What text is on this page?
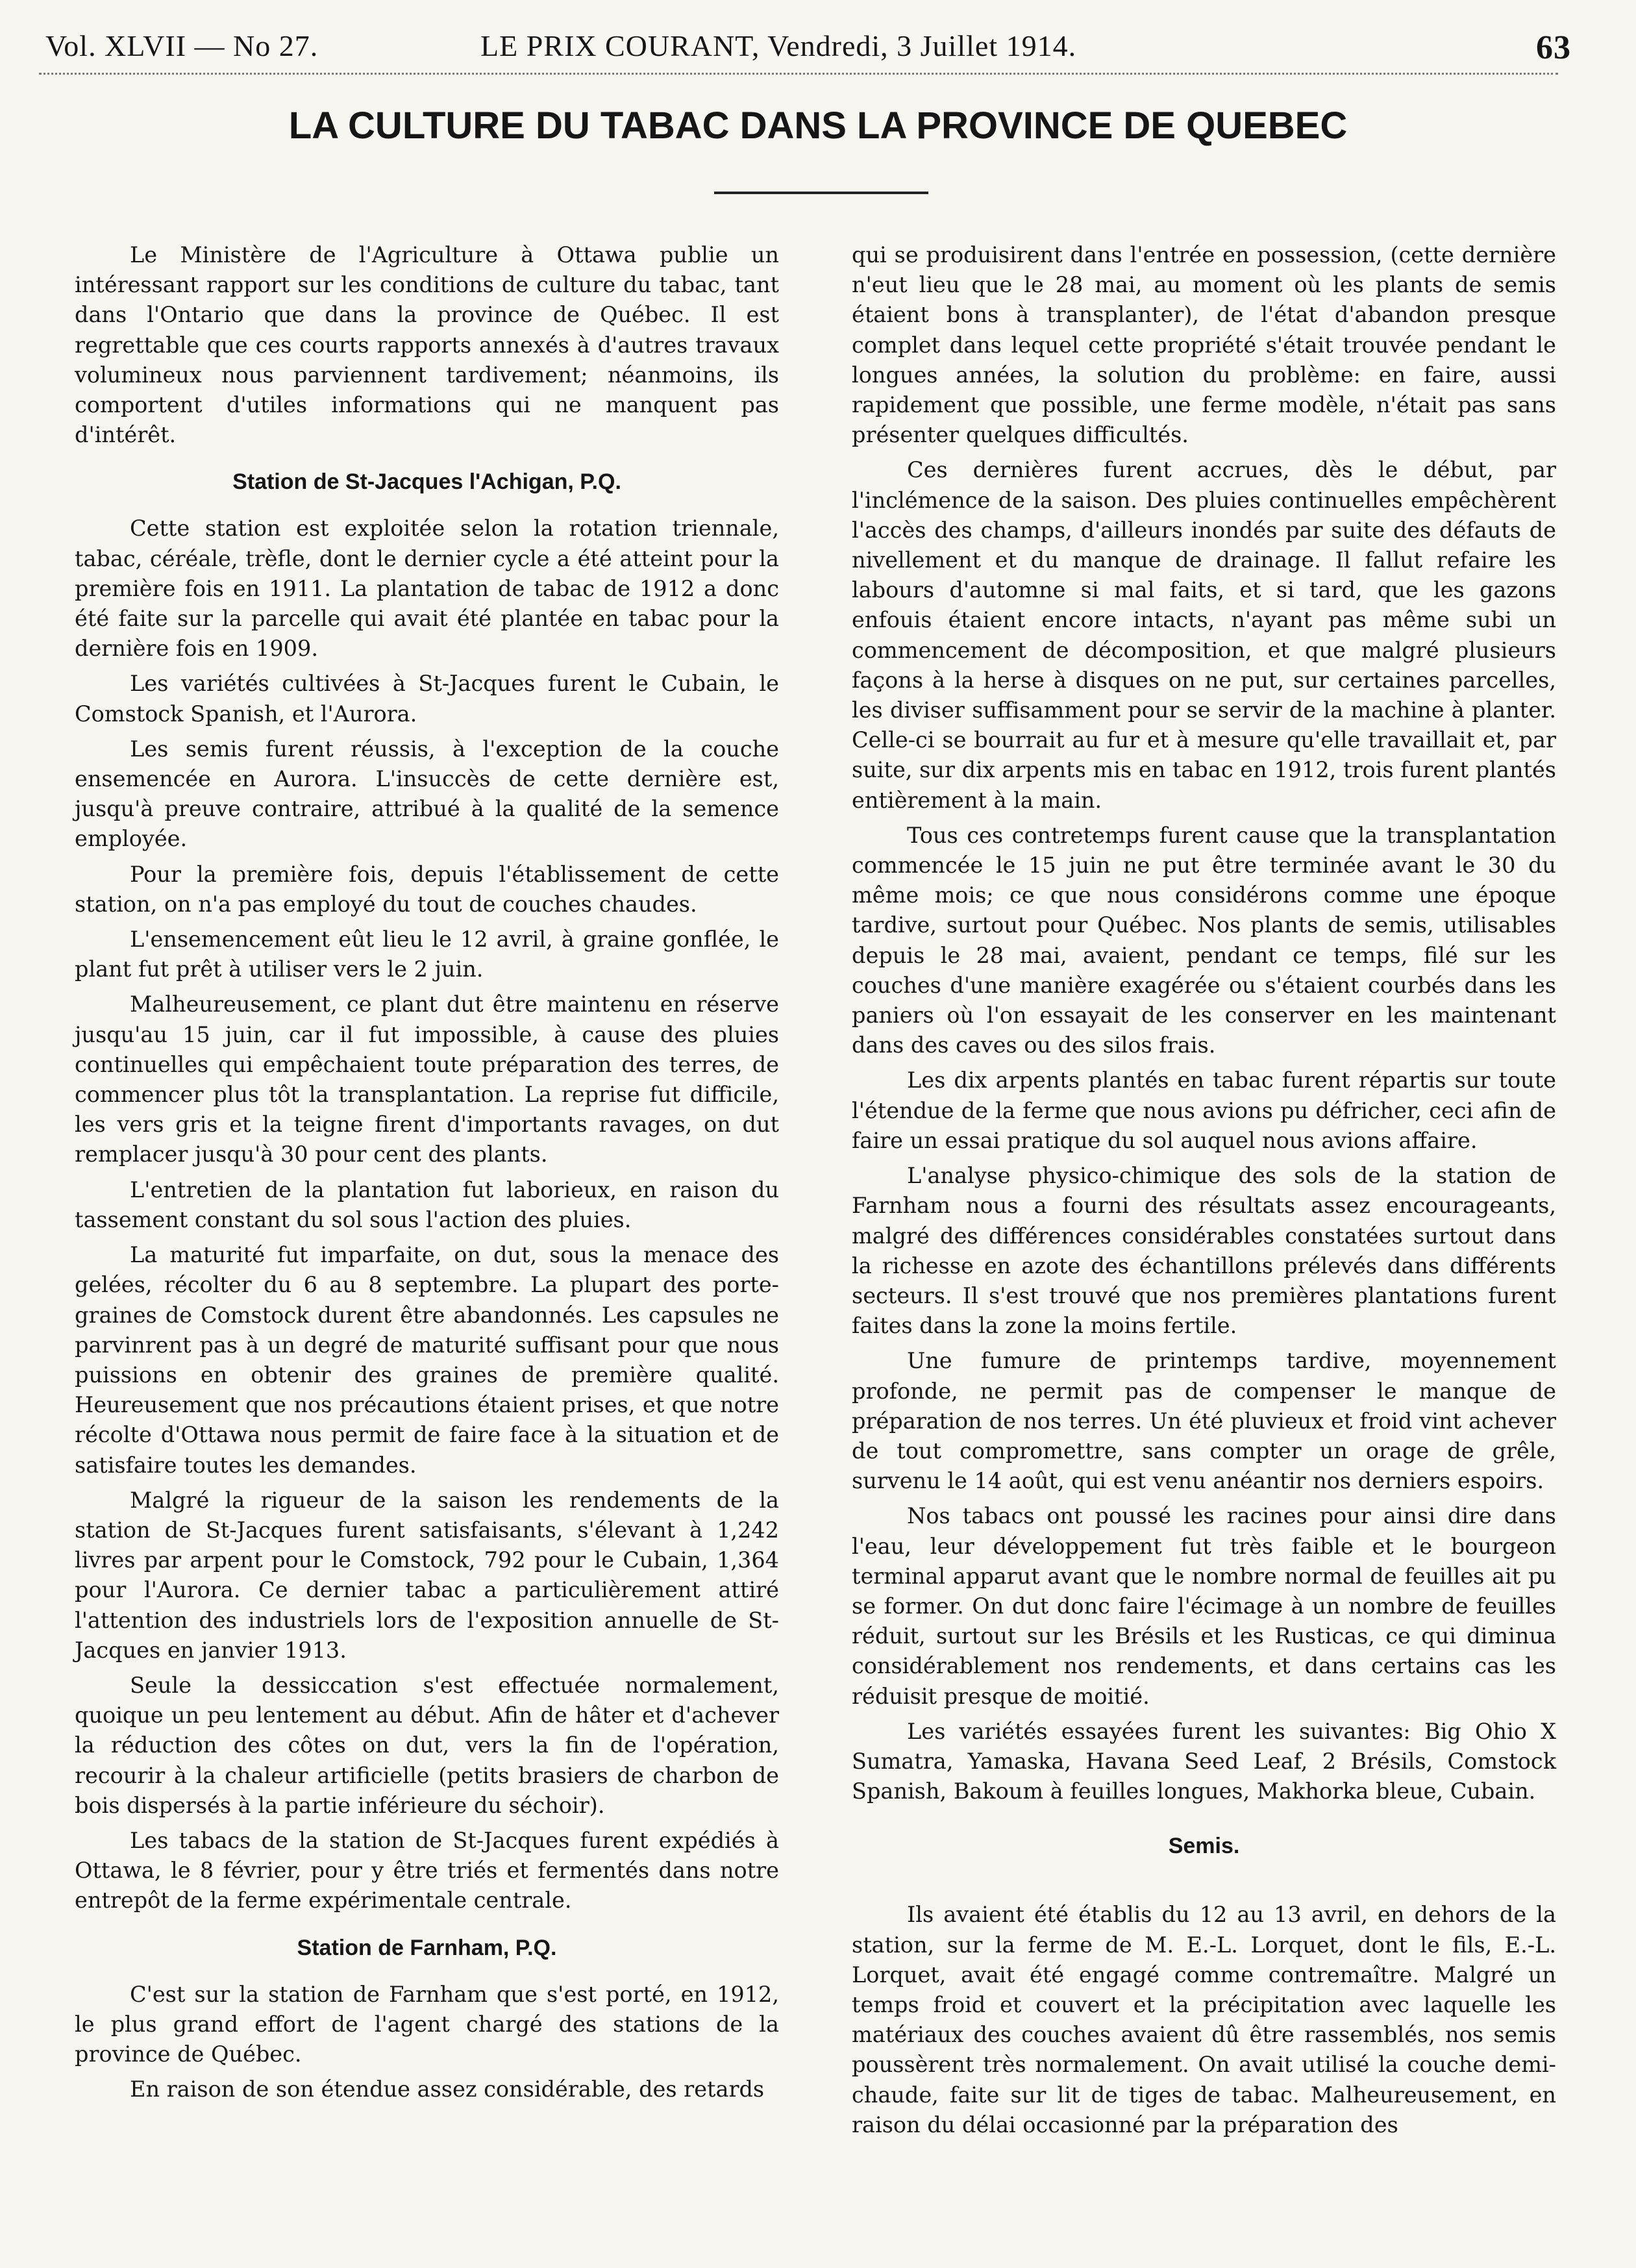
Vol. XLVII — No 27.	LE PRIX COURANT, Vendredi, 3 Juillet 1914.	63
LA CULTURE DU TABAC DANS LA PROVINCE DE QUEBEC

Le Ministère de l'Agriculture à Ottawa publie un intéressant rapport sur les conditions de culture du tabac, tant dans l'Ontario que dans la province de Québec. Il est regrettable que ces courts rapports annexés à d'autres travaux volumineux nous parviennent tardivement; néanmoins, ils comportent d'utiles informations qui ne manquent pas d'intérêt.

Station de St-Jacques l'Achigan, P.Q.

Cette station est exploitée selon la rotation triennale, tabac, céréale, trèfle, dont le dernier cycle a été atteint pour la première fois en 1911. La plantation de tabac de 1912 a donc été faite sur la parcelle qui avait été plantée en tabac pour la dernière fois en 1909.

Les variétés cultivées à St-Jacques furent le Cubain, le Comstock Spanish, et l'Aurora.

Les semis furent réussis, à l'exception de la couche ensemencée en Aurora. L'insuccès de cette dernière est, jusqu'à preuve contraire, attribué à la qualité de la semence employée.

Pour la première fois, depuis l'établissement de cette station, on n'a pas employé du tout de couches chaudes.

L'ensemencement eût lieu le 12 avril, à graine gonflée, le plant fut prêt à utiliser vers le 2 juin.

Malheureusement, ce plant dut être maintenu en réserve jusqu'au 15 juin, car il fut impossible, à cause des pluies continuelles qui empêchaient toute préparation des terres, de commencer plus tôt la transplantation. La reprise fut difficile, les vers gris et la teigne firent d'importants ravages, on dut remplacer jusqu'à 30 pour cent des plants.

L'entretien de la plantation fut laborieux, en raison du tassement constant du sol sous l'action des pluies.

La maturité fut imparfaite, on dut, sous la menace des gelées, récolter du 6 au 8 septembre. La plupart des porte-graines de Comstock durent être abandonnés. Les capsules ne parvinrent pas à un degré de maturité suffisant pour que nous puissions en obtenir des graines de première qualité. Heureusement que nos précautions étaient prises, et que notre récolte d'Ottawa nous permit de faire face à la situation et de satisfaire toutes les demandes.

Malgré la rigueur de la saison les rendements de la station de St-Jacques furent satisfaisants, s'élevant à 1,242 livres par arpent pour le Comstock, 792 pour le Cubain, 1,364 pour l'Aurora. Ce dernier tabac a particulièrement attiré l'attention des industriels lors de l'exposition annuelle de St-Jacques en janvier 1913.

Seule la dessiccation s'est effectuée normalement, quoique un peu lentement au début. Afin de hâter et d'achever la réduction des côtes on dut, vers la fin de l'opération, recourir à la chaleur artificielle (petits brasiers de charbon de bois dispersés à la partie inférieure du séchoir).

Les tabacs de la station de St-Jacques furent expédiés à Ottawa, le 8 février, pour y être triés et fermentés dans notre entrepôt de la ferme expérimentale centrale.

Station de Farnham, P.Q.

C'est sur la station de Farnham que s'est porté, en 1912, le plus grand effort de l'agent chargé des stations de la province de Québec.

En raison de son étendue assez considérable, des retards

qui se produisirent dans l'entrée en possession, (cette dernière n'eut lieu que le 28 mai, au moment où les plants de semis étaient bons à transplanter), de l'état d'abandon presque complet dans lequel cette propriété s'était trouvée pendant le longues années, la solution du problème: en faire, aussi rapidement que possible, une ferme modèle, n'était pas sans présenter quelques difficultés.

Ces dernières furent accrues, dès le début, par l'inclémence de la saison. Des pluies continuelles empêchèrent l'accès des champs, d'ailleurs inondés par suite des défauts de nivellement et du manque de drainage. Il fallut refaire les labours d'automne si mal faits, et si tard, que les gazons enfouis étaient encore intacts, n'ayant pas même subi un commencement de décomposition, et que malgré plusieurs façons à la herse à disques on ne put, sur certaines parcelles, les diviser suffisamment pour se servir de la machine à planter. Celle-ci se bourrait au fur et à mesure qu'elle travaillait et, par suite, sur dix arpents mis en tabac en 1912, trois furent plantés entièrement à la main.

Tous ces contretemps furent cause que la transplantation commencée le 15 juin ne put être terminée avant le 30 du même mois; ce que nous considérons comme une époque tardive, surtout pour Québec. Nos plants de semis, utilisables depuis le 28 mai, avaient, pendant ce temps, filé sur les couches d'une manière exagérée ou s'étaient courbés dans les paniers où l'on essayait de les conserver en les maintenant dans des caves ou des silos frais.

Les dix arpents plantés en tabac furent répartis sur toute l'étendue de la ferme que nous avions pu défricher, ceci afin de faire un essai pratique du sol auquel nous avions affaire.

L'analyse physico-chimique des sols de la station de Farnham nous a fourni des résultats assez encourageants, malgré des différences considérables constatées surtout dans la richesse en azote des échantillons prélevés dans différents secteurs. Il s'est trouvé que nos premières plantations furent faites dans la zone la moins fertile.

Une fumure de printemps tardive, moyennement profonde, ne permit pas de compenser le manque de préparation de nos terres. Un été pluvieux et froid vint achever de tout compromettre, sans compter un orage de grêle, survenu le 14 août, qui est venu anéantir nos derniers espoirs.

Nos tabacs ont poussé les racines pour ainsi dire dans l'eau, leur développement fut très faible et le bourgeon terminal apparut avant que le nombre normal de feuilles ait pu se former. On dut donc faire l'écimage à un nombre de feuilles réduit, surtout sur les Brésils et les Rusticas, ce qui diminua considérablement nos rendements, et dans certains cas les réduisit presque de moitié.

Les variétés essayées furent les suivantes: Big Ohio X Sumatra, Yamaska, Havana Seed Leaf, 2 Brésils, Comstock Spanish, Bakoum à feuilles longues, Makhorka bleue, Cubain.

Semis.

Ils avaient été établis du 12 au 13 avril, en dehors de la station, sur la ferme de M. E.-L. Lorquet, dont le fils, E.-L. Lorquet, avait été engagé comme contremaître. Malgré un temps froid et couvert et la précipitation avec laquelle les matériaux des couches avaient dû être rassemblés, nos semis poussèrent très normalement. On avait utilisé la couche demi-chaude, faite sur lit de tiges de tabac. Malheureusement, en raison du délai occasionné par la préparation des
